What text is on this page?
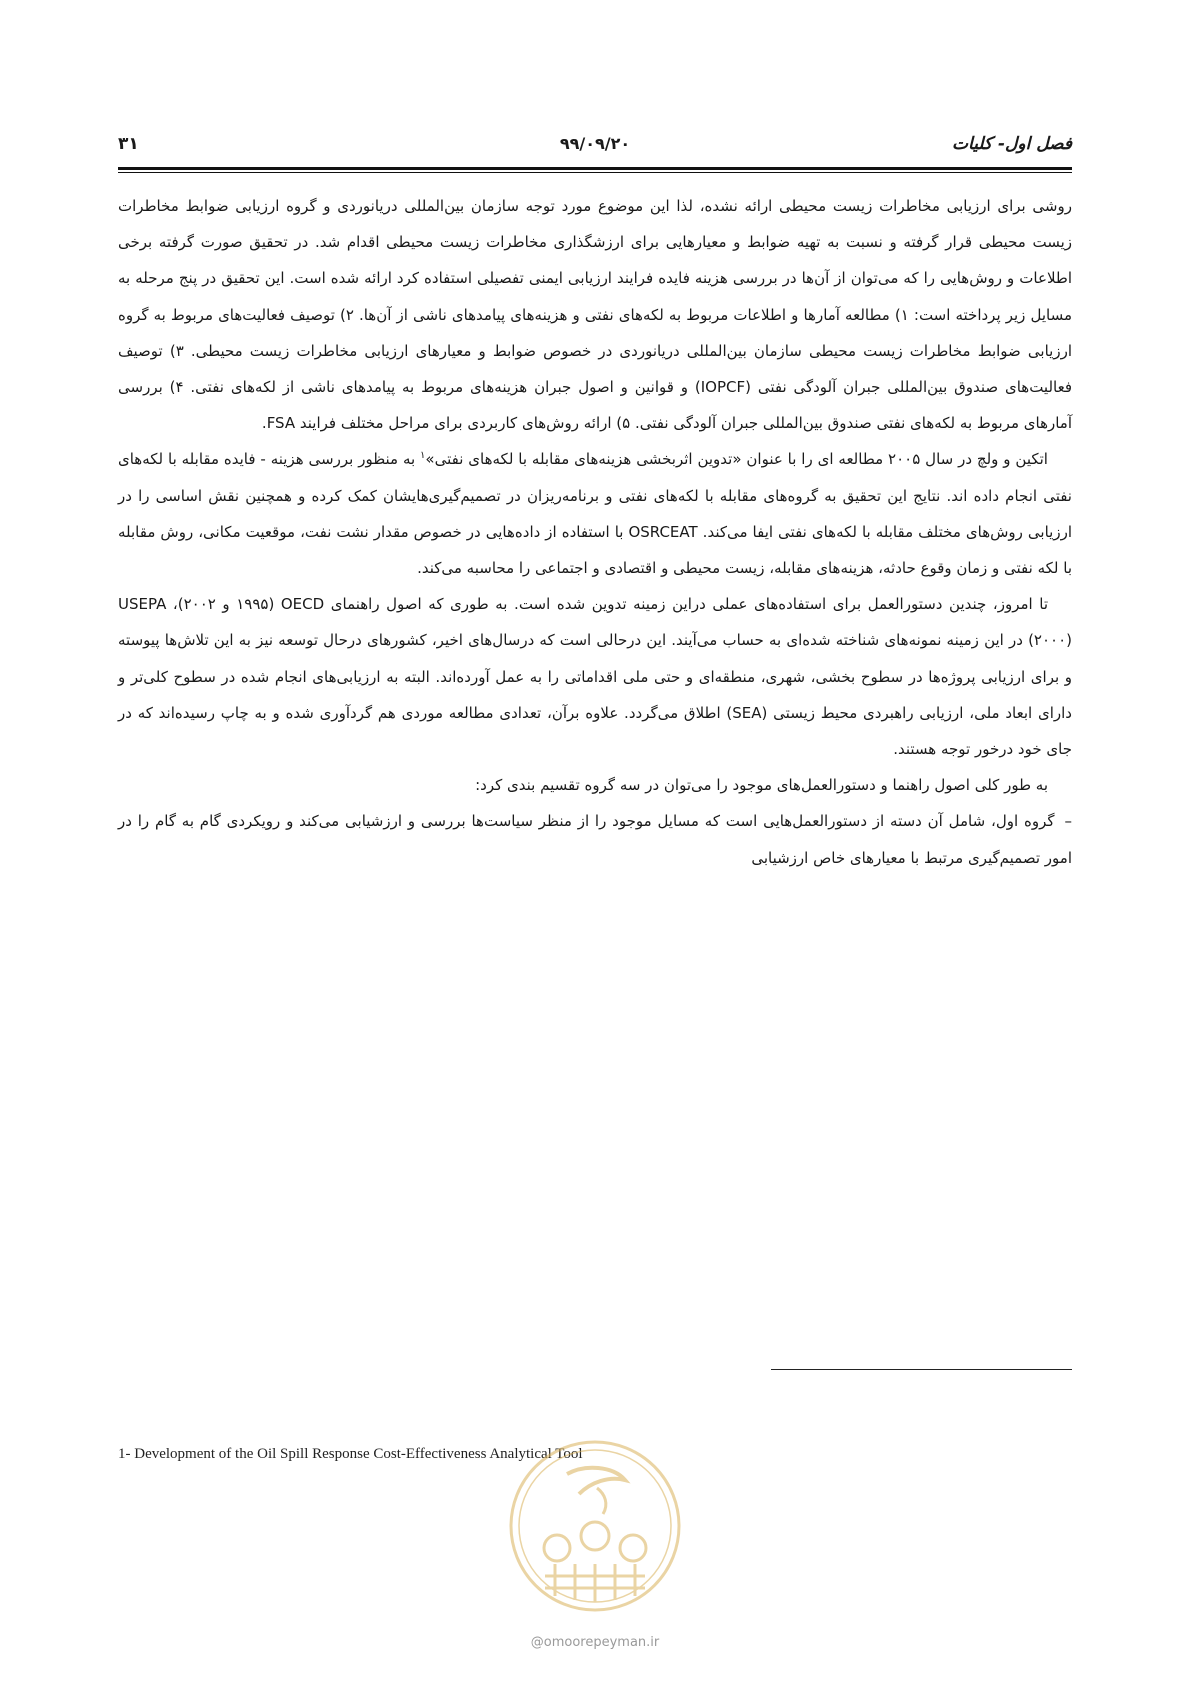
فصل اول- کلیات
۹۹/۰۹/۲۰
۳۱

روشی برای ارزیابی مخاطرات زیست محیطی ارائه نشده، لذا این موضوع مورد توجه سازمان بین‌المللی دریانوردی و گروه ارزیابی ضوابط مخاطرات زیست محیطی قرار گرفته و نسبت به تهیه ضوابط و معیارهایی برای ارزشگذاری مخاطرات زیست محیطی اقدام شد. در تحقیق صورت گرفته برخی اطلاعات و روش‌هایی را که می‌توان از آن‌ها در بررسی هزینه فایده فرایند ارزیابی ایمنی تفصیلی استفاده کرد ارائه شده است. این تحقیق در پنج مرحله به مسایل زیر پرداخته است: ۱) مطالعه آمارها و اطلاعات مربوط به لکه‌های نفتی و هزینه‌های پیامدهای ناشی از آن‌ها. ۲) توصیف فعالیت‌های مربوط به گروه ارزیابی ضوابط مخاطرات زیست محیطی سازمان بین‌المللی دریانوردی در خصوص ضوابط و معیارهای ارزیابی مخاطرات زیست محیطی. ۳) توصیف فعالیت‌های صندوق بین‌المللی جبران آلودگی نفتی (IOPCF) و قوانین و اصول جبران هزینه‌های مربوط به پیامدهای ناشی از لکه‌های نفتی. ۴) بررسی آمارهای مربوط به لکه‌های نفتی صندوق بین‌المللی جبران آلودگی نفتی. ۵) ارائه روش‌های کاربردی برای مراحل مختلف فرایند FSA.

اتکین و ولچ در سال ۲۰۰۵ مطالعه ای را با عنوان «تدوین اثربخشی هزینه‌های مقابله با لکه‌های نفتی»$^۱$ به منظور بررسی هزینه - فایده مقابله با لکه‌های نفتی انجام داده اند. نتایج این تحقیق به گروه‌های مقابله با لکه‌های نفتی و برنامه‌ریزان در تصمیم‌گیری‌هایشان کمک کرده و همچنین نقش اساسی را در ارزیابی روش‌های مختلف مقابله با لکه‌های نفتی ایفا می‌کند. OSRCEAT با استفاده از داده‌هایی در خصوص مقدار نشت نفت، موقعیت مکانی، روش مقابله با لکه نفتی و زمان وقوع حادثه، هزینه‌های مقابله، زیست محیطی و اقتصادی و اجتماعی را محاسبه می‌کند.

تا امروز، چندین دستورالعمل برای استفاده‌های عملی دراین زمینه تدوین شده است. به طوری که اصول راهنمای OECD (۱۹۹۵ و ۲۰۰۲)، USEPA (۲۰۰۰) در این زمینه نمونه‌های شناخته شده‌ای به حساب می‌آیند. این درحالی است که درسال‌های اخیر، کشورهای درحال توسعه نیز به این تلاش‌ها پیوسته و برای ارزیابی پروژه‌ها در سطوح بخشی، شهری، منطقه‌ای و حتی ملی اقداماتی را به عمل آورده‌اند. البته به ارزیابی‌های انجام شده در سطوح کلی‌تر و دارای ابعاد ملی، ارزیابی راهبردی محیط زیستی (SEA) اطلاق می‌گردد. علاوه برآن، تعدادی مطالعه موردی هم گردآوری شده و به چاپ رسیده‌اند که در جای خود درخور توجه هستند.

به طور کلی اصول راهنما و دستورالعمل‌های موجود را می‌توان در سه گروه تقسیم بندی کرد:

–گروه اول، شامل آن دسته از دستورالعمل‌هایی است که مسایل موجود را از منظر سیاست‌ها بررسی و ارزشیابی می‌کند و رویکردی گام به گام را در امور تصمیم‌گیری مرتبط با معیارهای خاص ارزشیابی

1- Development of the Oil Spill Response Cost-Effectiveness Analytical Tool
@omoorepeyman.ir
